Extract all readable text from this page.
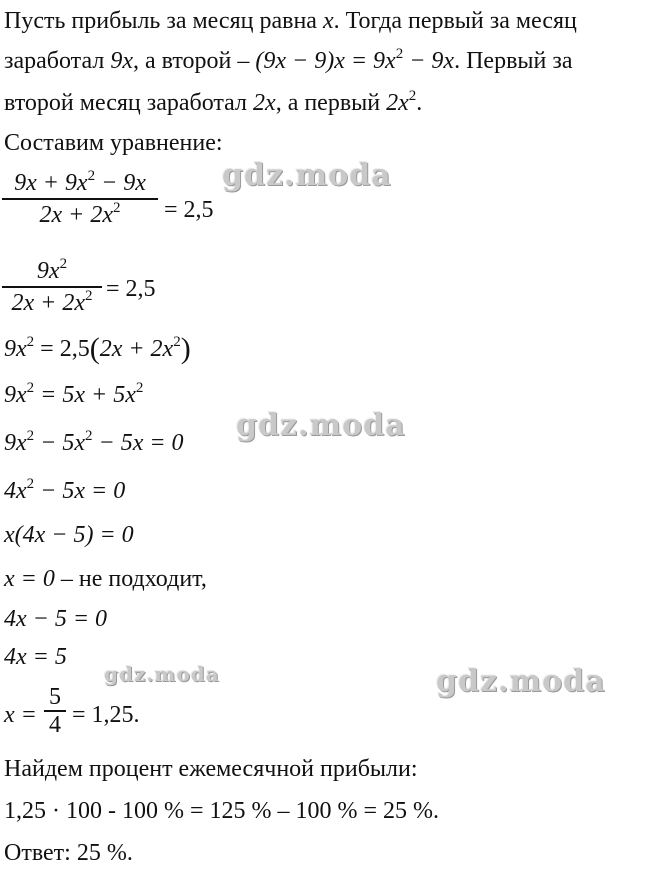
Пусть прибыль за месяц равна x. Тогда первый за месяц
заработал 9x, а второй – $(9x - 9)x = 9x^2 - 9x$. Первый за
второй месяц заработал 2x, а первый $2x^2$.
Составим уравнение:
$9x + 9x^2 - 9x$
$2x + 2x^2$	= 2,5
$9x^2$
$2x + 2x^2 = 2,5$
$9x^2 = 2,5(2x + 2x^2)$
$9x^2 = 5x + 5x^2$
$9x^2 - 5x^2 - 5x = 0$
$4x^2 - 5x = 0$
x(4x − 5) = 0
x = 0 – не подходит,
4x − 5 = 0
4x = 5
x =
5
4 = 1,25.
Найдем процент ежемесячной прибыли:
1,25 · 100 - 100 % = 125 % – 100 % = 25 %.
Ответ: 25 %.
gdz.moda
gdz.moda
gdz.moda	gdz.moda
